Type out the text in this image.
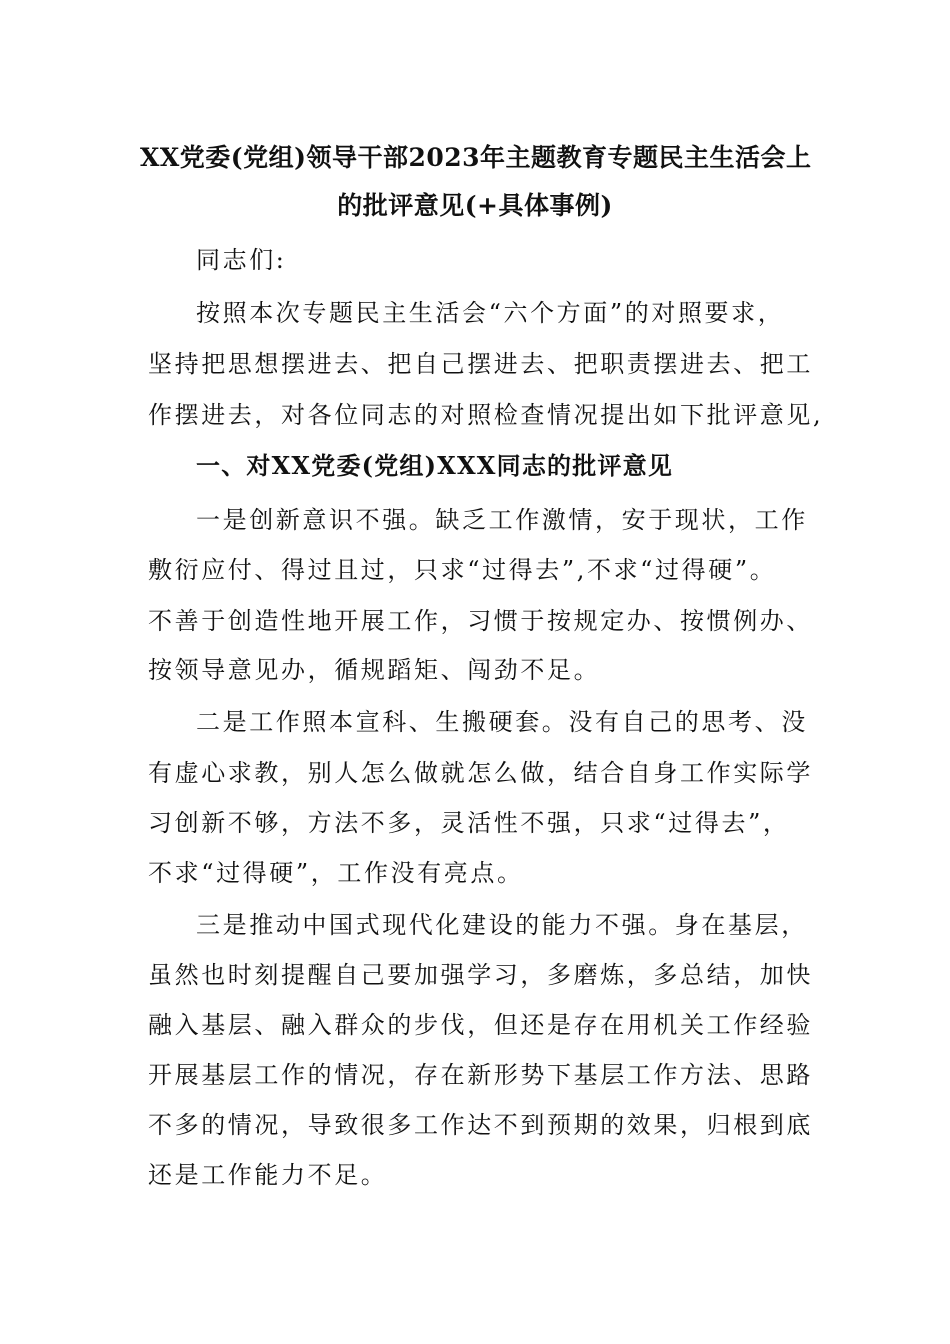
XX党委(党组)领导干部2023年主题教育专题民主生活会上
的批评意见(+具体事例)
同志们:
按照本次专题民主生活会“六个方面”的对照要求，
坚持把思想摆进去、把自己摆进去、把职责摆进去、把工
作摆进去，对各位同志的对照检查情况提出如下批评意见,
一、对XX党委(党组)XXX同志的批评意见
一是创新意识不强。缺乏工作激情，安于现状，工作
敷衍应付、得过且过，只求“过得去”,不求“过得硬”。
不善于创造性地开展工作，习惯于按规定办、按惯例办、
按领导意见办，循规蹈矩、闯劲不足。
二是工作照本宣科、生搬硬套。没有自己的思考、没
有虚心求教，别人怎么做就怎么做，结合自身工作实际学
习创新不够，方法不多，灵活性不强，只求“过得去”，
不求“过得硬”，工作没有亮点。
三是推动中国式现代化建设的能力不强。身在基层，
虽然也时刻提醒自己要加强学习，多磨炼，多总结，加快
融入基层、融入群众的步伐，但还是存在用机关工作经验
开展基层工作的情况，存在新形势下基层工作方法、思路
不多的情况，导致很多工作达不到预期的效果，归根到底
还是工作能力不足。
